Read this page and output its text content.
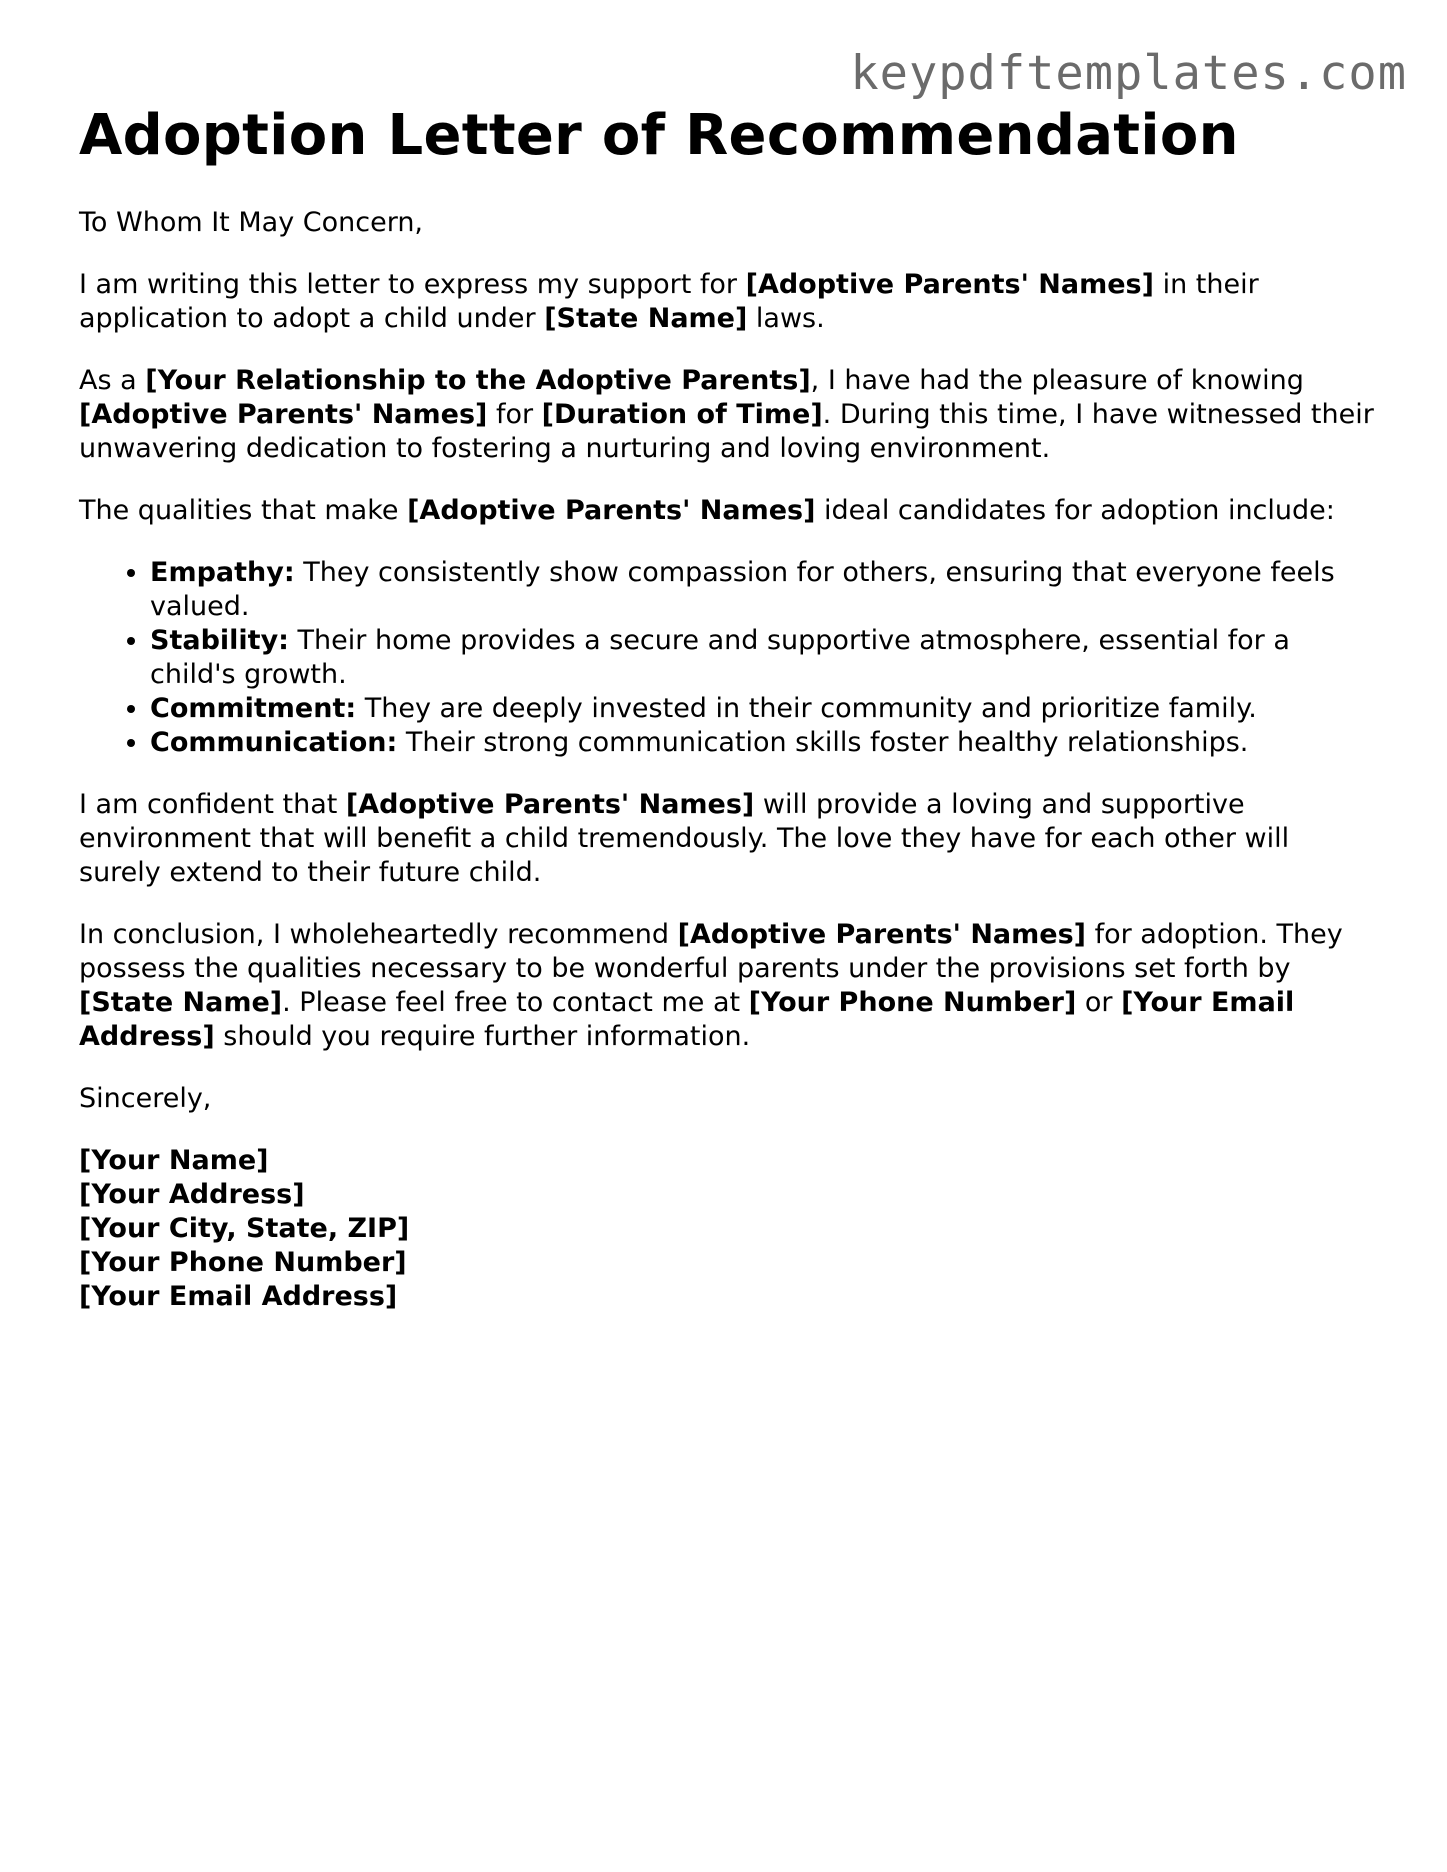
keypdftemplates.com
Adoption Letter of Recommendation

To Whom It May Concern,

I am writing this letter to express my support for [Adoptive Parents' Names] in their application to adopt a child under [State Name] laws.

As a [Your Relationship to the Adoptive Parents], I have had the pleasure of knowing [Adoptive Parents' Names] for [Duration of Time]. During this time, I have witnessed their unwavering dedication to fostering a nurturing and loving environment.

The qualities that make [Adoptive Parents' Names] ideal candidates for adoption include:

• Empathy: They consistently show compassion for others, ensuring that everyone feels valued.
• Stability: Their home provides a secure and supportive atmosphere, essential for a child's growth.
• Commitment: They are deeply invested in their community and prioritize family.
• Communication: Their strong communication skills foster healthy relationships.

I am confident that [Adoptive Parents' Names] will provide a loving and supportive environment that will benefit a child tremendously. The love they have for each other will surely extend to their future child.

In conclusion, I wholeheartedly recommend [Adoptive Parents' Names] for adoption. They possess the qualities necessary to be wonderful parents under the provisions set forth by [State Name]. Please feel free to contact me at [Your Phone Number] or [Your Email Address] should you require further information.

Sincerely,

[Your Name]

[Your Address]

[Your City, State, ZIP]

[Your Phone Number]

[Your Email Address]
